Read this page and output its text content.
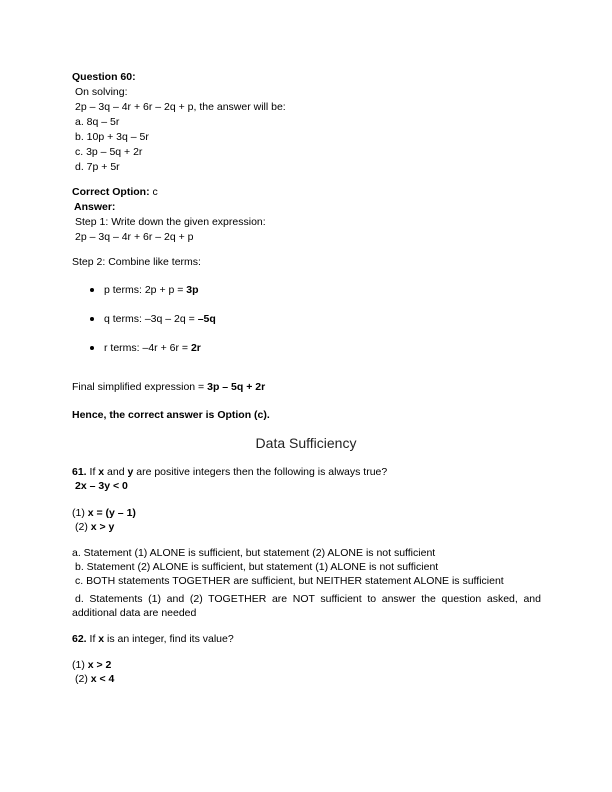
Question 60:
On solving:
2p – 3q – 4r + 6r – 2q + p, the answer will be:
a. 8q – 5r
b. 10p + 3q – 5r
c. 3p – 5q + 2r
d. 7p + 5r
Correct Option: c
Answer:
Step 1: Write down the given expression:
2p – 3q – 4r + 6r – 2q + p
Step 2: Combine like terms:
p terms: 2p + p = 3p
q terms: –3q – 2q = –5q
r terms: –4r + 6r = 2r
Final simplified expression = 3p – 5q + 2r
Hence, the correct answer is Option (c).
Data Sufficiency
61. If x and y are positive integers then the following is always true?
2x – 3y < 0
(1) x = (y – 1)
(2) x > y
a. Statement (1) ALONE is sufficient, but statement (2) ALONE is not sufficient
b. Statement (2) ALONE is sufficient, but statement (1) ALONE is not sufficient
c. BOTH statements TOGETHER are sufficient, but NEITHER statement ALONE is sufficient
d. Statements (1) and (2) TOGETHER are NOT sufficient to answer the question asked, and additional data are needed
62. If x is an integer, find its value?
(1) x > 2
(2) x < 4
